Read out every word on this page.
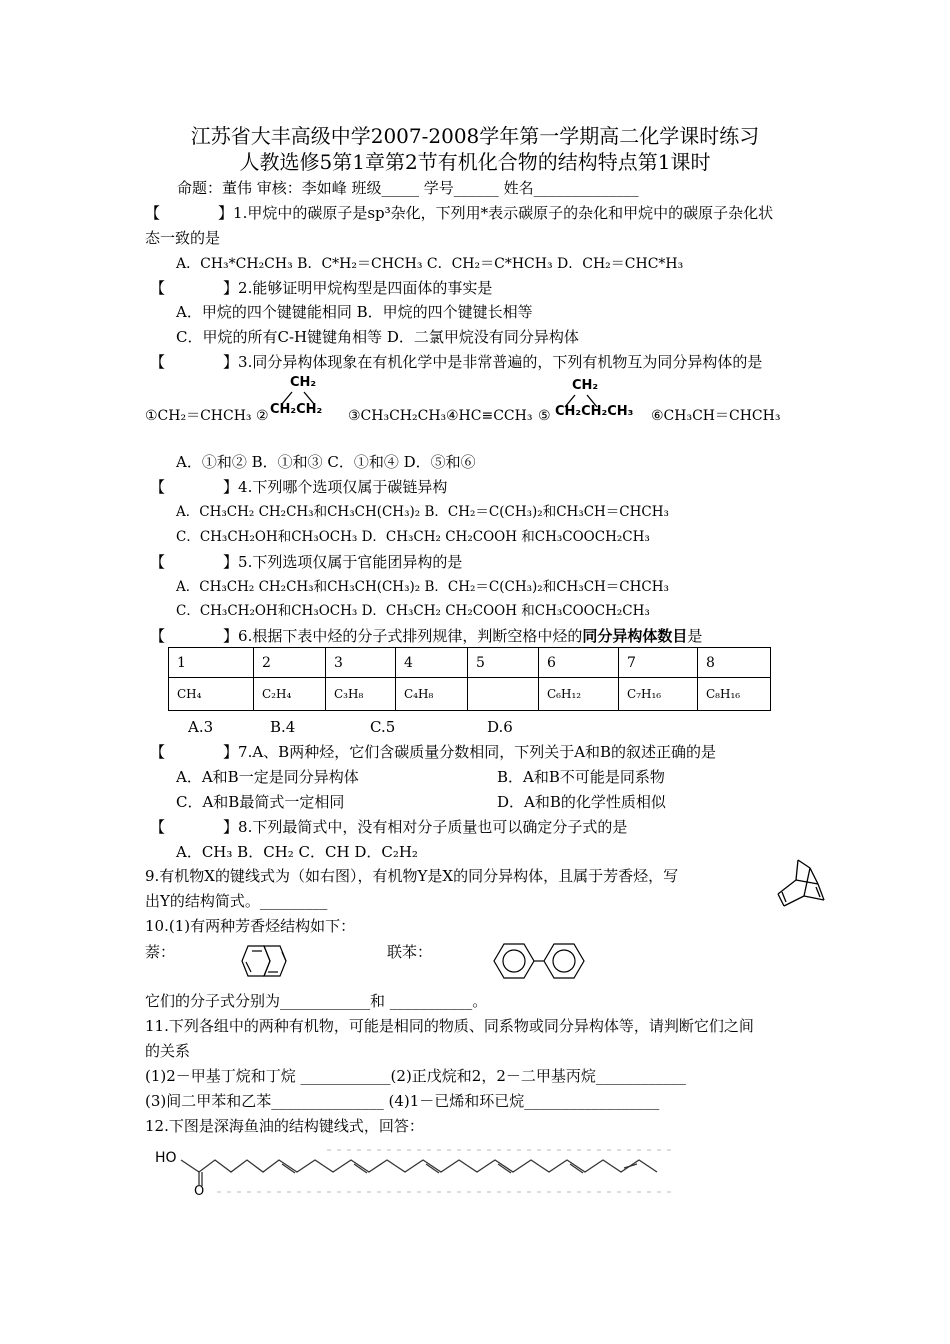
江苏省大丰高级中学2007-2008学年第一学期高二化学课时练习
人教选修5第1章第2节有机化合物的结构特点第1课时
命题：董伟 审核：李如峰 班级_____ 学号______ 姓名______________
【	】1.甲烷中的碳原子是sp³杂化，下列用*表示碳原子的杂化和甲烷中的碳原子杂化状
态一致的是
A．CH₃*CH₂CH₃ B．C*H₂＝CHCH₃ C．CH₂＝C*HCH₃ D．CH₂＝CHC*H₃
【	】2.能够证明甲烷构型是四面体的事实是
A．甲烷的四个键键能相同 B．甲烷的四个键键长相等
C．甲烷的所有C-H键键角相等 D．二氯甲烷没有同分异构体
【	】3.同分异构体现象在有机化学中是非常普遍的，下列有机物互为同分异构体的是
①CH₂＝CHCH₃ ②
CH₂
CH₂CH₂ ③CH₃CH₂CH₃ ④HC≡CCH₃ ⑤
CH₂
CH₂CH₂CH₃ ⑥CH₃CH＝CHCH₃
A．①和② B．①和③ C．①和④ D．⑤和⑥
【	】4.下列哪个选项仅属于碳链异构
A．CH₃CH₂ CH₂CH₃和CH₃CH(CH₃)₂ B．CH₂＝C(CH₃)₂和CH₃CH＝CHCH₃
C．CH₃CH₂OH和CH₃OCH₃ D．CH₃CH₂ CH₂COOH 和CH₃COOCH₂CH₃
【	】5.下列选项仅属于官能团异构的是
A．CH₃CH₂ CH₂CH₃和CH₃CH(CH₃)₂ B．CH₂＝C(CH₃)₂和CH₃CH＝CHCH₃
C．CH₃CH₂OH和CH₃OCH₃ D．CH₃CH₂ CH₂COOH 和CH₃COOCH₂CH₃
【	】6.根据下表中烃的分子式排列规律，判断空格中烃的同分异构体数目是
1	2	3	4	5	6	7	8
CH₄	C₂H₄	C₃H₈	C₄H₈		C₆H₁₂	C₇H₁₆	C₈H₁₆
A.3	B.4	C.5	D.6
【	】7.A、B两种烃，它们含碳质量分数相同，下列关于A和B的叙述正确的是
A．A和B一定是同分异构体	B．A和B不可能是同系物
C．A和B最简式一定相同	D．A和B的化学性质相似
【	】8.下列最简式中，没有相对分子质量也可以确定分子式的是
A．CH₃ B．CH₂ C．CH D．C₂H₂
9.有机物X的键线式为（如右图），有机物Y是X的同分异构体，且属于芳香烃，写
出Y的结构简式。_________
10.(1)有两种芳香烃结构如下：
萘：	联苯：
它们的分子式分别为____________和 ___________。
11.下列各组中的两种有机物，可能是相同的物质、同系物或同分异构体等，请判断它们之间
的关系
(1)2－甲基丁烷和丁烷 ____________(2)正戊烷和2，2－二甲基丙烷____________
(3)间二甲苯和乙苯_______________ (4)1－已烯和环已烷__________________
12.下图是深海鱼油的结构键线式，回答：
HO
O
